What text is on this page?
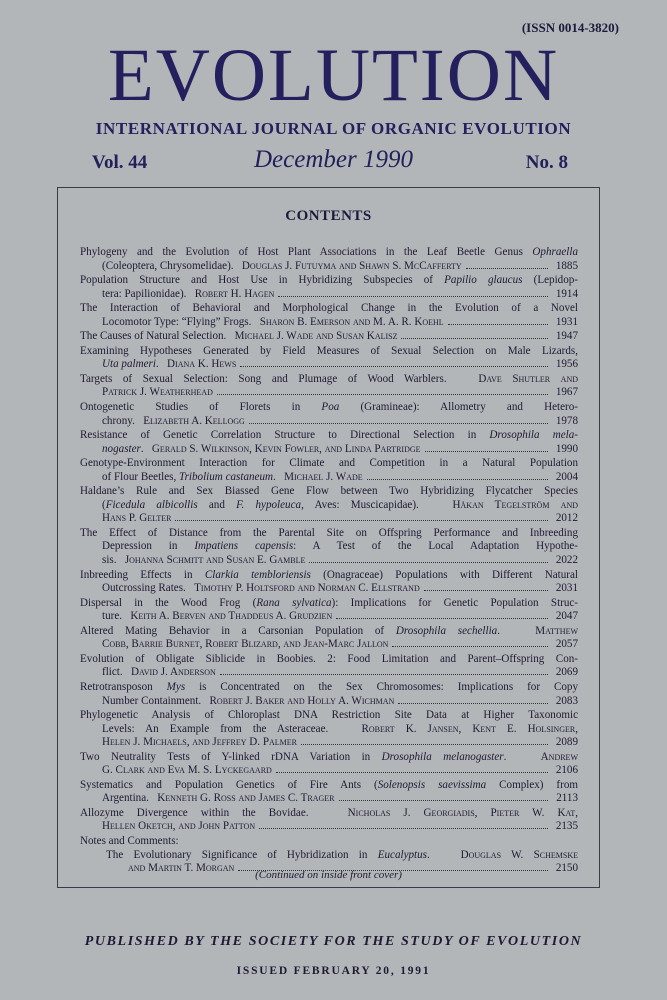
(ISSN 0014-3820)
EVOLUTION
INTERNATIONAL JOURNAL OF ORGANIC EVOLUTION
Vol. 44	December 1990	No. 8
CONTENTS
Phylogeny and the Evolution of Host Plant Associations in the Leaf Beetle Genus Ophraella
(Coleoptera, Chrysomelidae).   Douglas J. Futuyma and Shawn S. McCafferty	1885
Population Structure and Host Use in Hybridizing Subspecies of Papilio glaucus (Lepidop-
tera: Papilionidae).   Robert H. Hagen	1914
The Interaction of Behavioral and Morphological Change in the Evolution of a Novel
Locomotor Type: “Flying” Frogs.   Sharon B. Emerson and M. A. R. Koehl	1931
The Causes of Natural Selection.   Michael J. Wade and Susan Kalisz	1947
Examining Hypotheses Generated by Field Measures of Sexual Selection on Male Lizards,
Uta palmeri.   Diana K. Hews	1956
Targets of Sexual Selection: Song and Plumage of Wood Warblers.   Dave Shutler and
Patrick J. Weatherhead	1967
Ontogenetic Studies of Florets in Poa (Gramineae): Allometry and Hetero-
chrony.   Elizabeth A. Kellogg	1978
Resistance of Genetic Correlation Structure to Directional Selection in Drosophila mela-
nogaster.   Gerald S. Wilkinson, Kevin Fowler, and Linda Partridge	1990
Genotype-Environment Interaction for Climate and Competition in a Natural Population
of Flour Beetles, Tribolium castaneum.   Michael J. Wade	2004
Haldane’s Rule and Sex Biassed Gene Flow between Two Hybridizing Flycatcher Species
(Ficedula albicollis and F. hypoleuca, Aves: Muscicapidae).   Håkan Tegelström and
Hans P. Gelter	2012
The Effect of Distance from the Parental Site on Offspring Performance and Inbreeding
Depression in Impatiens capensis: A Test of the Local Adaptation Hypothe-
sis.   Johanna Schmitt and Susan E. Gamble	2022
Inbreeding Effects in Clarkia tembloriensis (Onagraceae) Populations with Different Natural
Outcrossing Rates.   Timothy P. Holtsford and Norman C. Ellstrand	2031
Dispersal in the Wood Frog (Rana sylvatica): Implications for Genetic Population Struc-
ture.   Keith A. Berven and Thaddeus A. Grudzien	2047
Altered Mating Behavior in a Carsonian Population of Drosophila sechellia.   Matthew
Cobb, Barrie Burnet, Robert Blizard, and Jean-Marc Jallon	2057
Evolution of Obligate Siblicide in Boobies. 2: Food Limitation and Parent–Offspring Con-
flict.   David J. Anderson	2069
Retrotransposon Mys is Concentrated on the Sex Chromosomes: Implications for Copy
Number Containment.   Robert J. Baker and Holly A. Wichman	2083
Phylogenetic Analysis of Chloroplast DNA Restriction Site Data at Higher Taxonomic
Levels: An Example from the Asteraceae.   Robert K. Jansen, Kent E. Holsinger,
Helen J. Michaels, and Jeffrey D. Palmer	2089
Two Neutrality Tests of Y-linked rDNA Variation in Drosophila melanogaster.   Andrew
G. Clark and Eva M. S. Lyckegaard	2106
Systematics and Population Genetics of Fire Ants (Solenopsis saevissima Complex) from
Argentina.   Kenneth G. Ross and James C. Trager	2113
Allozyme Divergence within the Bovidae.   Nicholas J. Georgiadis, Pieter W. Kat,
Hellen Oketch, and John Patton	2135
Notes and Comments:
The Evolutionary Significance of Hybridization in Eucalyptus.   Douglas W. Schemske
and Martin T. Morgan	2150
(Continued on inside front cover)
PUBLISHED BY THE SOCIETY FOR THE STUDY OF EVOLUTION
ISSUED FEBRUARY 20, 1991
